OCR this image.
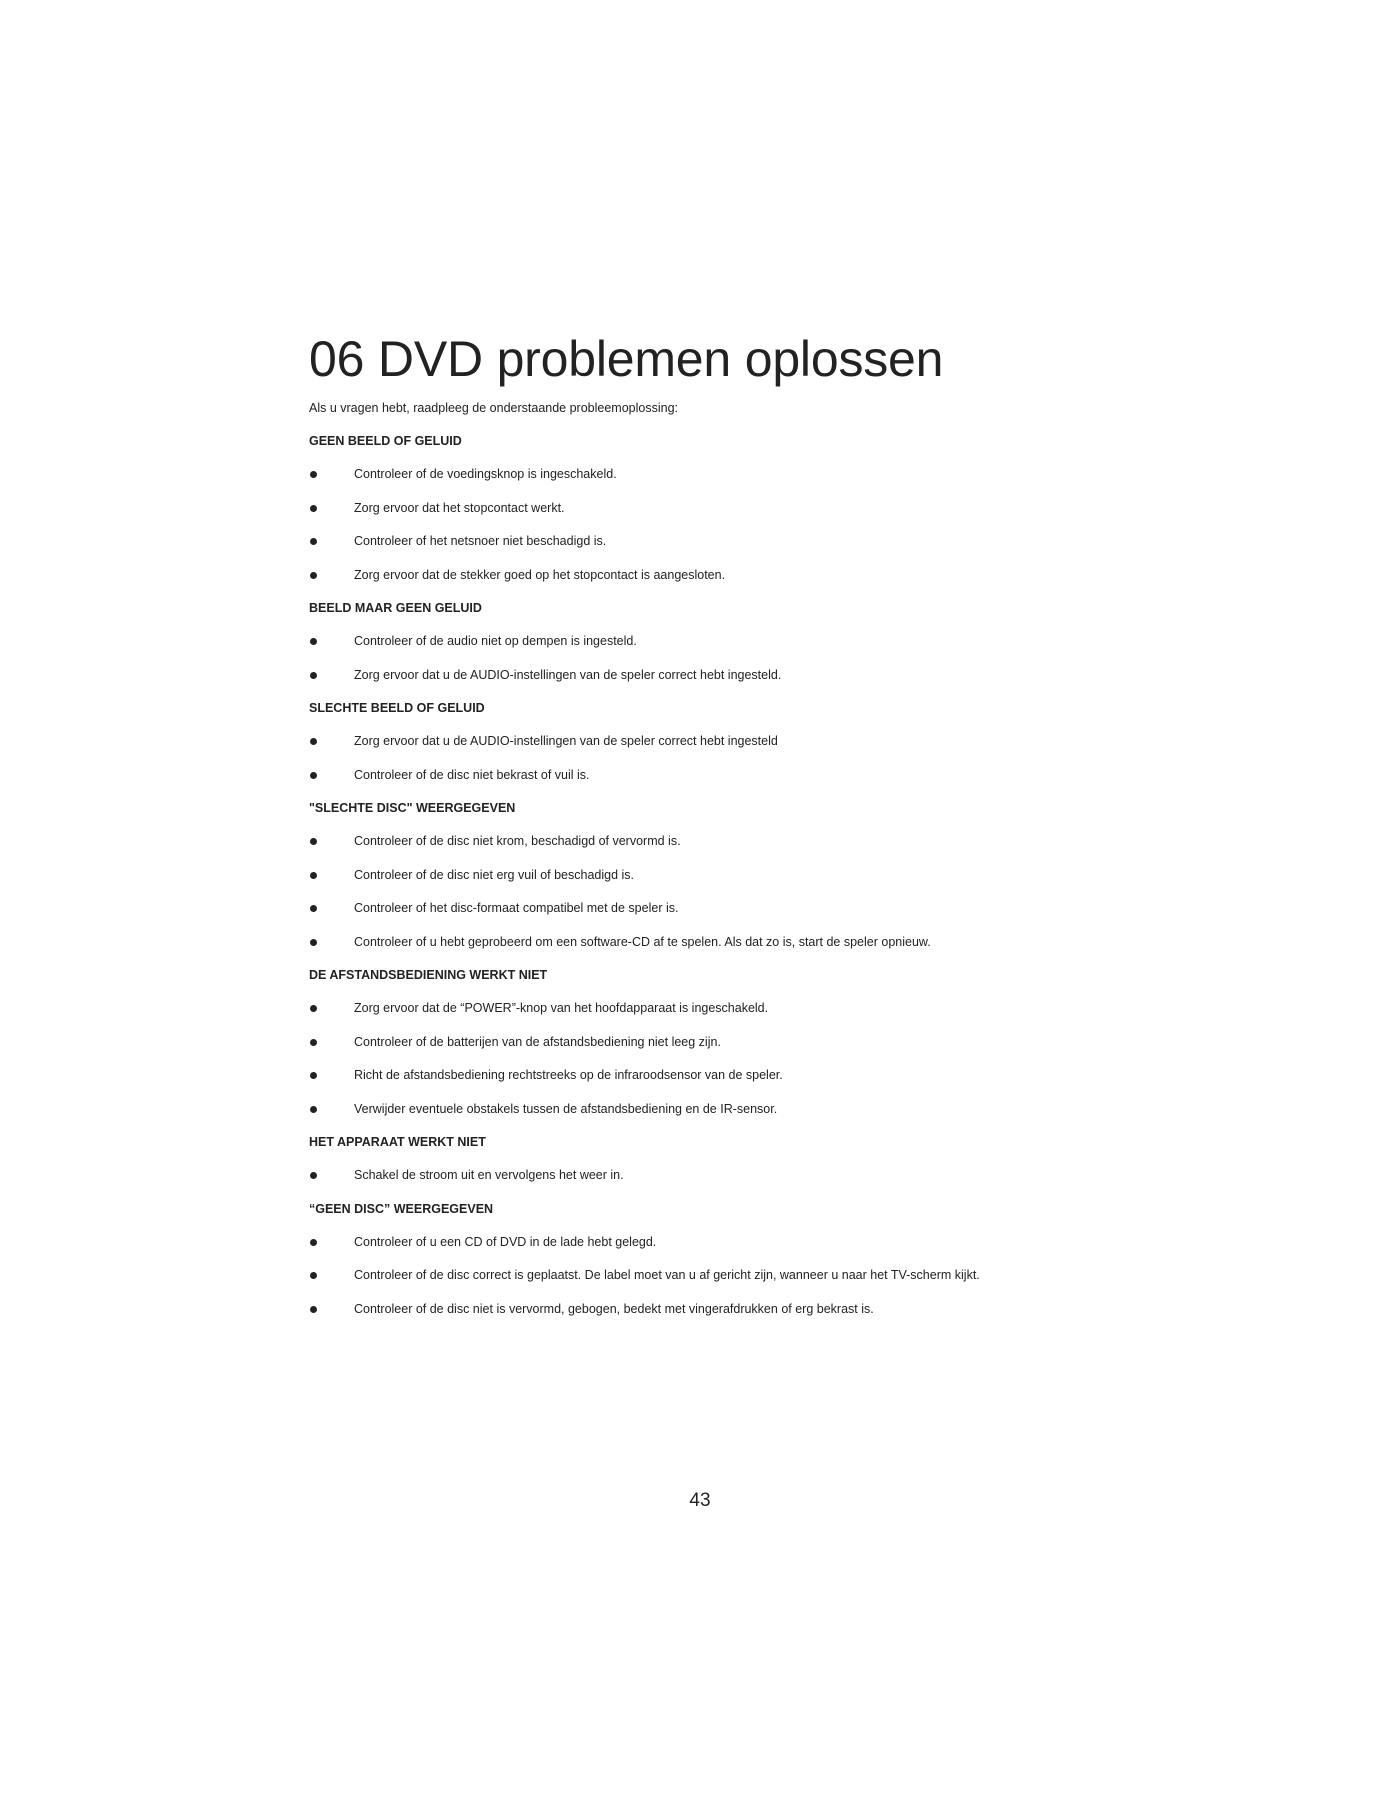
06 DVD problemen oplossen

Als u vragen hebt, raadpleeg de onderstaande probleemoplossing:

GEEN BEELD OF GELUID
Controleer of de voedingsknop is ingeschakeld.
Zorg ervoor dat het stopcontact werkt.
Controleer of het netsnoer niet beschadigd is.
Zorg ervoor dat de stekker goed op het stopcontact is aangesloten.
BEELD MAAR GEEN GELUID
Controleer of de audio niet op dempen is ingesteld.
Zorg ervoor dat u de AUDIO-instellingen van de speler correct hebt ingesteld.
SLECHTE BEELD OF GELUID
Zorg ervoor dat u de AUDIO-instellingen van de speler correct hebt ingesteld
Controleer of de disc niet bekrast of vuil is.
"SLECHTE DISC" WEERGEGEVEN
Controleer of de disc niet krom, beschadigd of vervormd is.
Controleer of de disc niet erg vuil of beschadigd is.
Controleer of het disc-formaat compatibel met de speler is.
Controleer of u hebt geprobeerd om een software-CD af te spelen. Als dat zo is, start de speler opnieuw.
DE AFSTANDSBEDIENING WERKT NIET
Zorg ervoor dat de “POWER”-knop van het hoofdapparaat is ingeschakeld.
Controleer of de batterijen van de afstandsbediening niet leeg zijn.
Richt de afstandsbediening rechtstreeks op de infraroodsensor van de speler.
Verwijder eventuele obstakels tussen de afstandsbediening en de IR-sensor.
HET APPARAAT WERKT NIET
Schakel de stroom uit en vervolgens het weer in.
“GEEN DISC” WEERGEGEVEN
Controleer of u een CD of DVD in de lade hebt gelegd.
Controleer of de disc correct is geplaatst. De label moet van u af gericht zijn, wanneer u naar het TV-scherm kijkt.
Controleer of de disc niet is vervormd, gebogen, bedekt met vingerafdrukken of erg bekrast is.
43
